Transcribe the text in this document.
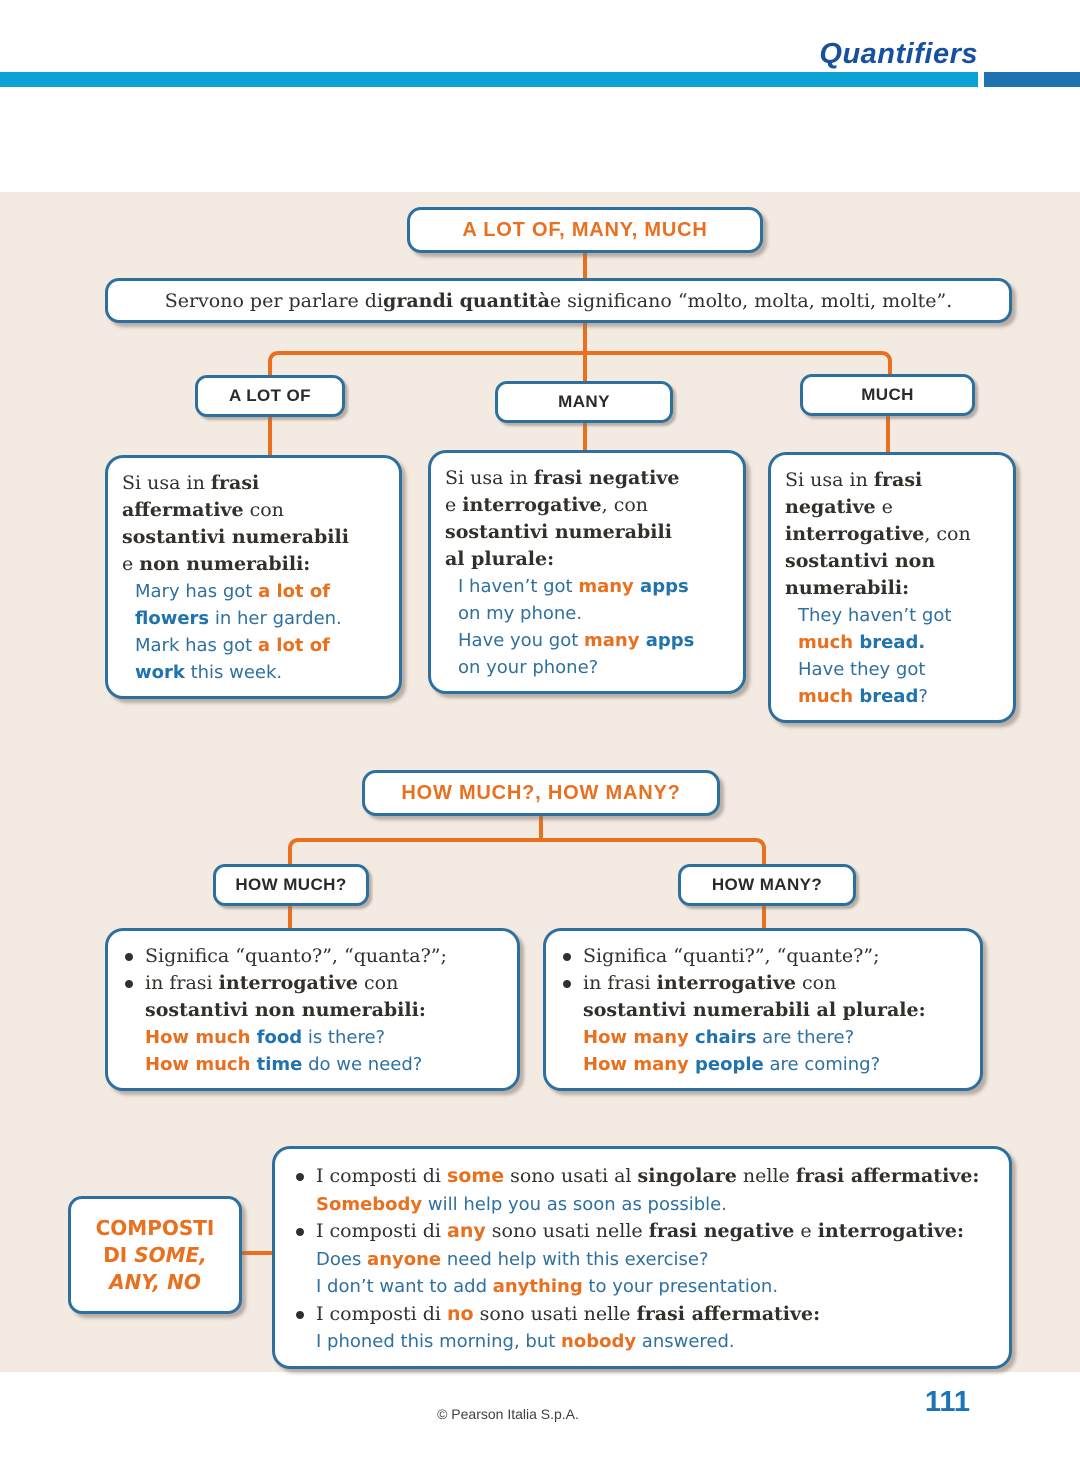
Quantifiers
A LOT OF, MANY, MUCH
Servono per parlare di grandi quantità e significano “molto, molta, molti, molte”.
A LOT OF	MANY	MUCH
Si usa in frasi
affermative con
sostantivi numerabili
e non numerabili:
Mary has got a lot of
flowers in her garden.
Mark has got a lot of
work this week.
Si usa in frasi negative
e interrogative, con
sostantivi numerabili
al plurale:
I haven’t got many apps
on my phone.
Have you got many apps
on your phone?
Si usa in frasi
negative e
interrogative, con
sostantivi non
numerabili:
They haven’t got
much bread.
Have they got
much bread?
HOW MUCH?, HOW MANY?
HOW MUCH?	HOW MANY?
Significa “quanto?”, “quanta?”;
in frasi interrogative con
sostantivi non numerabili:
How much food is there?
How much time do we need?
Significa “quanti?”, “quante?”;
in frasi interrogative con
sostantivi numerabili al plurale:
How many chairs are there?
How many people are coming?
COMPOSTI
DI SOME,
ANY, NO
I composti di some sono usati al singolare nelle frasi affermative:
Somebody will help you as soon as possible.
I composti di any sono usati nelle frasi negative e interrogative:
Does anyone need help with this exercise?
I don’t want to add anything to your presentation.
I composti di no sono usati nelle frasi affermative:
I phoned this morning, but nobody answered.
© Pearson Italia S.p.A.	111
